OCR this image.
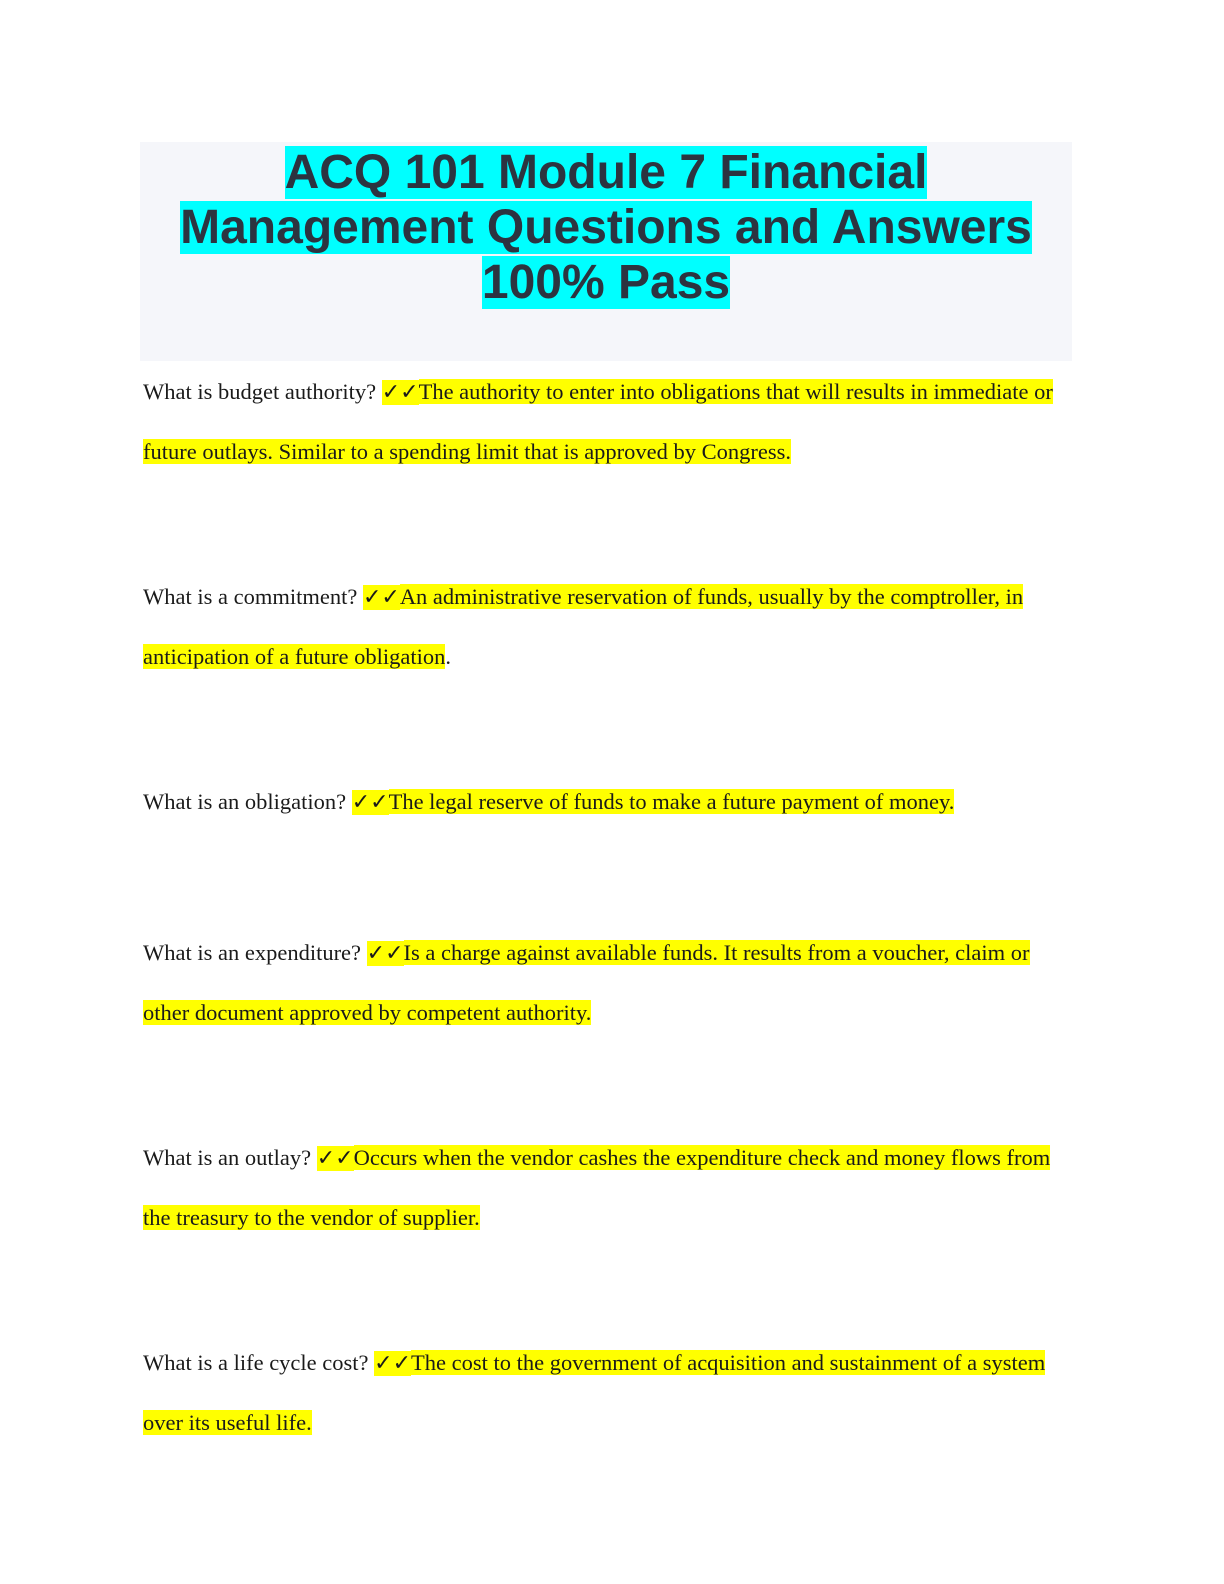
ACQ 101 Module 7 Financial
Management Questions and Answers
100% Pass

What is budget authority? ✓✓The authority to enter into obligations that will results in immediate or future outlays. Similar to a spending limit that is approved by Congress.

What is a commitment? ✓✓An administrative reservation of funds, usually by the comptroller, in anticipation of a future obligation.

What is an obligation? ✓✓The legal reserve of funds to make a future payment of money.

What is an expenditure? ✓✓Is a charge against available funds. It results from a voucher, claim or other document approved by competent authority.

What is an outlay? ✓✓Occurs when the vendor cashes the expenditure check and money flows from the treasury to the vendor of supplier.

What is a life cycle cost? ✓✓The cost to the government of acquisition and sustainment of a system over its useful life.
